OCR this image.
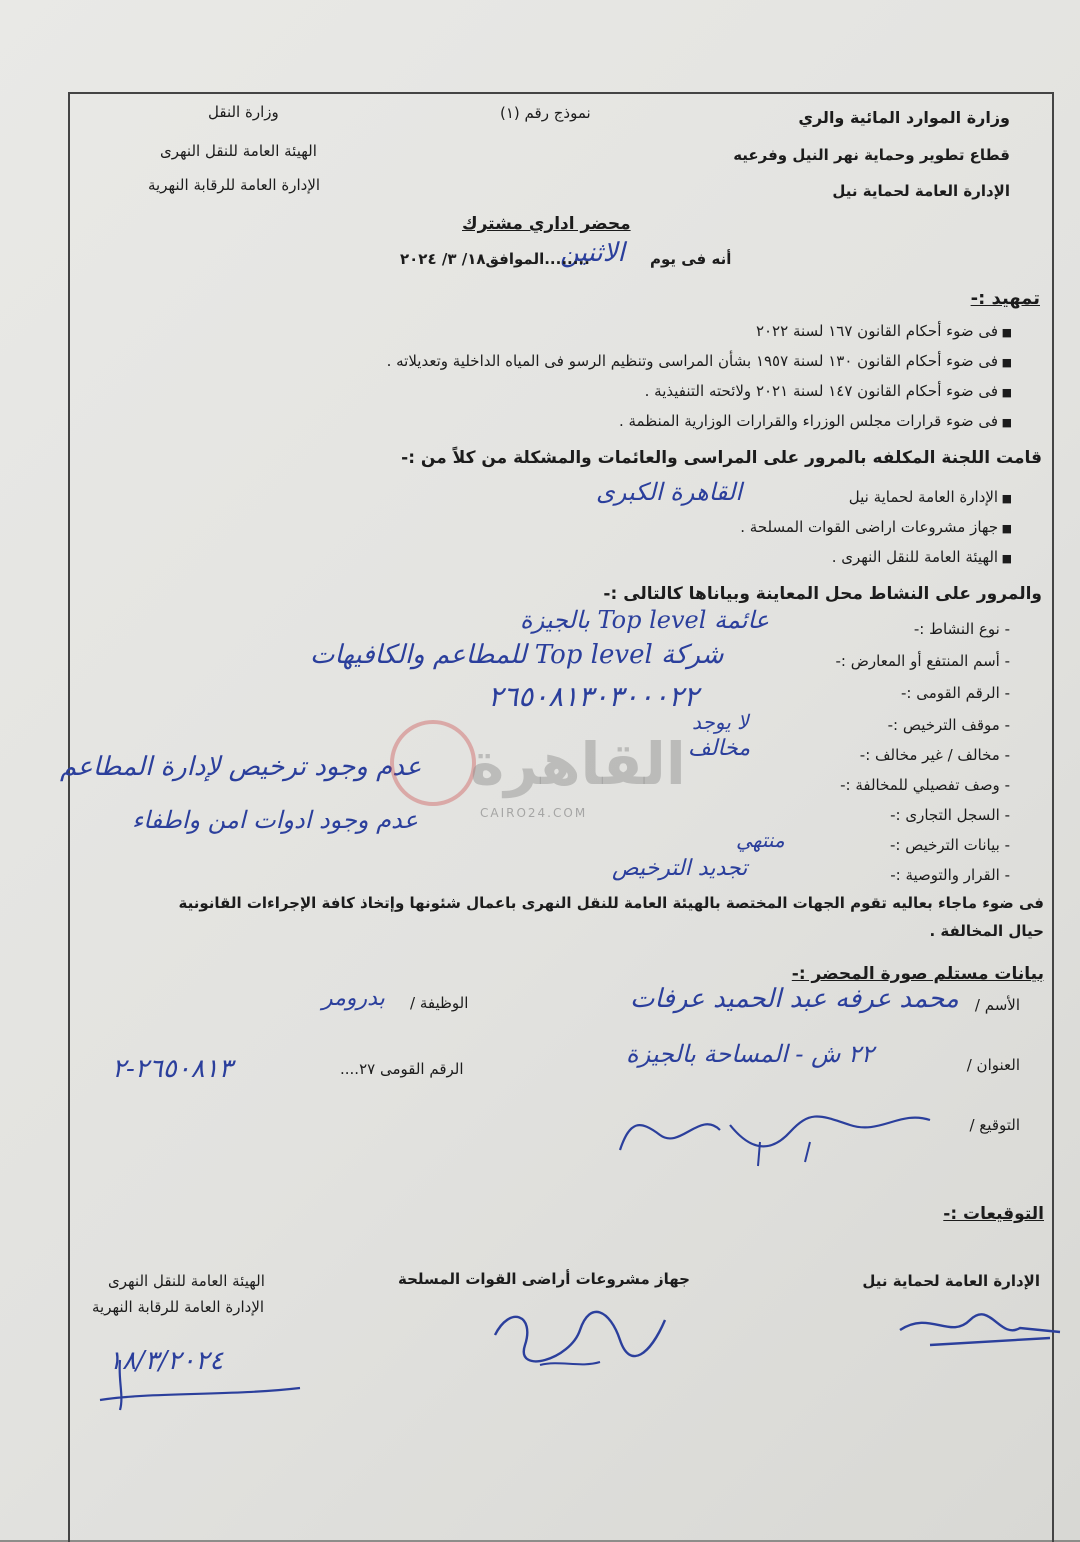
وزارة الموارد المائية والري
قطاع تطوير وحماية نهر النيل وفرعيه
الإدارة العامة لحماية نيل
نموذج رقم (١)
وزارة النقل
الهيئة العامة للنقل النهرى
الإدارة العامة للرقابة النهرية
محضر اداري مشترك
أنه فى يوم
الاثنين
........الموافق١٨/ ٣/ ٢٠٢٤
تمهيد :-
■ فى ضوء أحكام القانون ١٦٧ لسنة ٢٠٢٢
■ فى ضوء أحكام القانون ١٣٠ لسنة ١٩٥٧ بشأن المراسى وتنظيم الرسو فى المياه الداخلية وتعديلاته .
■ فى ضوء أحكام القانون ١٤٧ لسنة ٢٠٢١ ولائحته التنفيذية .
■ فى ضوء قرارات مجلس الوزراء والقرارات الوزارية المنظمة .
قامت اللجنة المكلفه بالمرور على المراسى والعائمات والمشكلة من كلاً من :-
■ الإدارة العامة لحماية نيل
القاهرة الكبرى
■ جهاز مشروعات اراضى القوات المسلحة .
■ الهيئة العامة للنقل النهرى .
والمرور على النشاط محل المعاينة وبياناها كالتالى :-
- نوع النشاط :-
عائمة Top level بالجيزة
- أسم المنتفع أو المعارض :-
شركة Top level للمطاعم والكافيهات
- الرقم القومى :-
٢٦٥٠٨١٣٠٣٠٠٠٢٢
- موقف الترخيص :-
لا يوجد
- مخالف / غير مخالف :-
مخالف
- وصف تفصيلي للمخالفة :-
عدم وجود ترخيص لإدارة المطاعم
عدم وجود ادوات امن واطفاء
-	السجل التجارى :-
- بيانات الترخيص :-
منتهي
- القرار والتوصية :-
تجديد الترخيص
فى ضوء ماجاء بعاليه تقوم الجهات المختصة بالهيئة العامة للنقل النهرى باعمال شئونها وإتخاذ كافة الإجراءات القانونية
حيال المخالفة .
بيانات مستلم صورة المحضر :-
الأسم /
محمد عرفه عبد الحميد عرفات
الوظيفة /
بدرومر
العنوان /
٢٢ ش - المساحة بالجيزة
الرقم القومى ٢٧....
٢٦٥٠٨١٣-٢
التوقيع /
التوقيعات :-
الإدارة العامة لحماية نيل
جهاز مشروعات أراضى القوات المسلحة
الهيئة العامة للنقل النهرى
الإدارة العامة للرقابة النهرية
١٨/٣/٢٠٢٤
القاهرة
CAIRO24.COM
